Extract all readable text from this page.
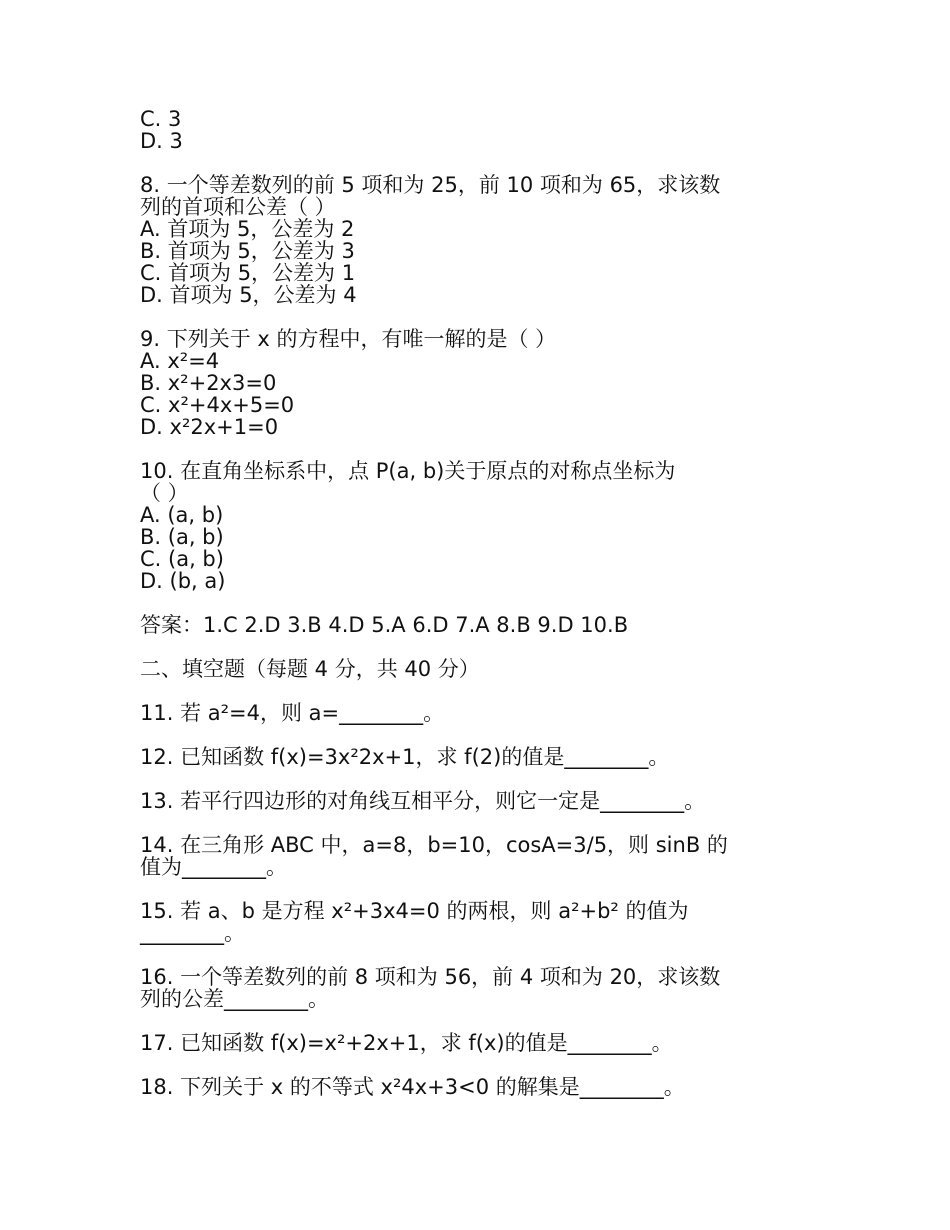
C. 3

D. 3

8. 一个等差数列的前 5 项和为 25，前 10 项和为 65，求该数

列的首项和公差（ ）

A. 首项为 5，公差为 2

B. 首项为 5，公差为 3

C. 首项为 5，公差为 1

D. 首项为 5，公差为 4

9. 下列关于 x 的方程中，有唯一解的是（ ）

A. x²=4

B. x²+2x3=0

C. x²+4x+5=0

D. x²2x+1=0

10. 在直角坐标系中，点 P(a, b)关于原点的对称点坐标为

（ ）

A. (a, b)

B. (a, b)

C. (a, b)

D. (b, a)

答案：1.C 2.D 3.B 4.D 5.A 6.D 7.A 8.B 9.D 10.B

二、填空题（每题 4 分，共 40 分）

11. 若 a²=4，则 a=________。

12. 已知函数 f(x)=3x²2x+1，求 f(2)的值是________。

13. 若平行四边形的对角线互相平分，则它一定是________。

14. 在三角形 ABC 中，a=8，b=10，cosA=3/5，则 sinB 的

值为________。

15. 若 a、b 是方程 x²+3x4=0 的两根，则 a²+b² 的值为

________。

16. 一个等差数列的前 8 项和为 56，前 4 项和为 20，求该数

列的公差________。

17. 已知函数 f(x)=x²+2x+1，求 f(x)的值是________。

18. 下列关于 x 的不等式 x²4x+3<0 的解集是________。
